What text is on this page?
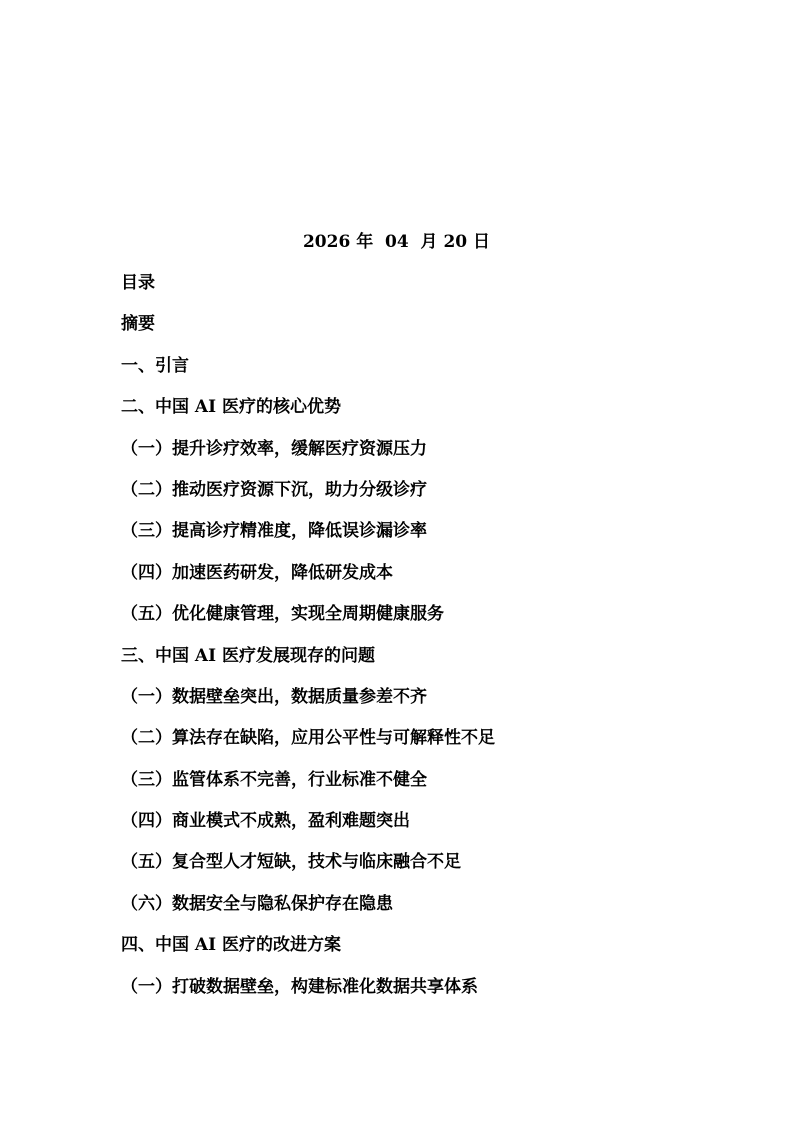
2026 年  04  月 20 日
目录
摘要
一、引言
二、中国 AI 医疗的核心优势
（一）提升诊疗效率，缓解医疗资源压力
（二）推动医疗资源下沉，助力分级诊疗
（三）提高诊疗精准度，降低误诊漏诊率
（四）加速医药研发，降低研发成本
（五）优化健康管理，实现全周期健康服务
三、中国 AI 医疗发展现存的问题
（一）数据壁垒突出，数据质量参差不齐
（二）算法存在缺陷，应用公平性与可解释性不足
（三）监管体系不完善，行业标准不健全
（四）商业模式不成熟，盈利难题突出
（五）复合型人才短缺，技术与临床融合不足
（六）数据安全与隐私保护存在隐患
四、中国 AI 医疗的改进方案
（一）打破数据壁垒，构建标准化数据共享体系
